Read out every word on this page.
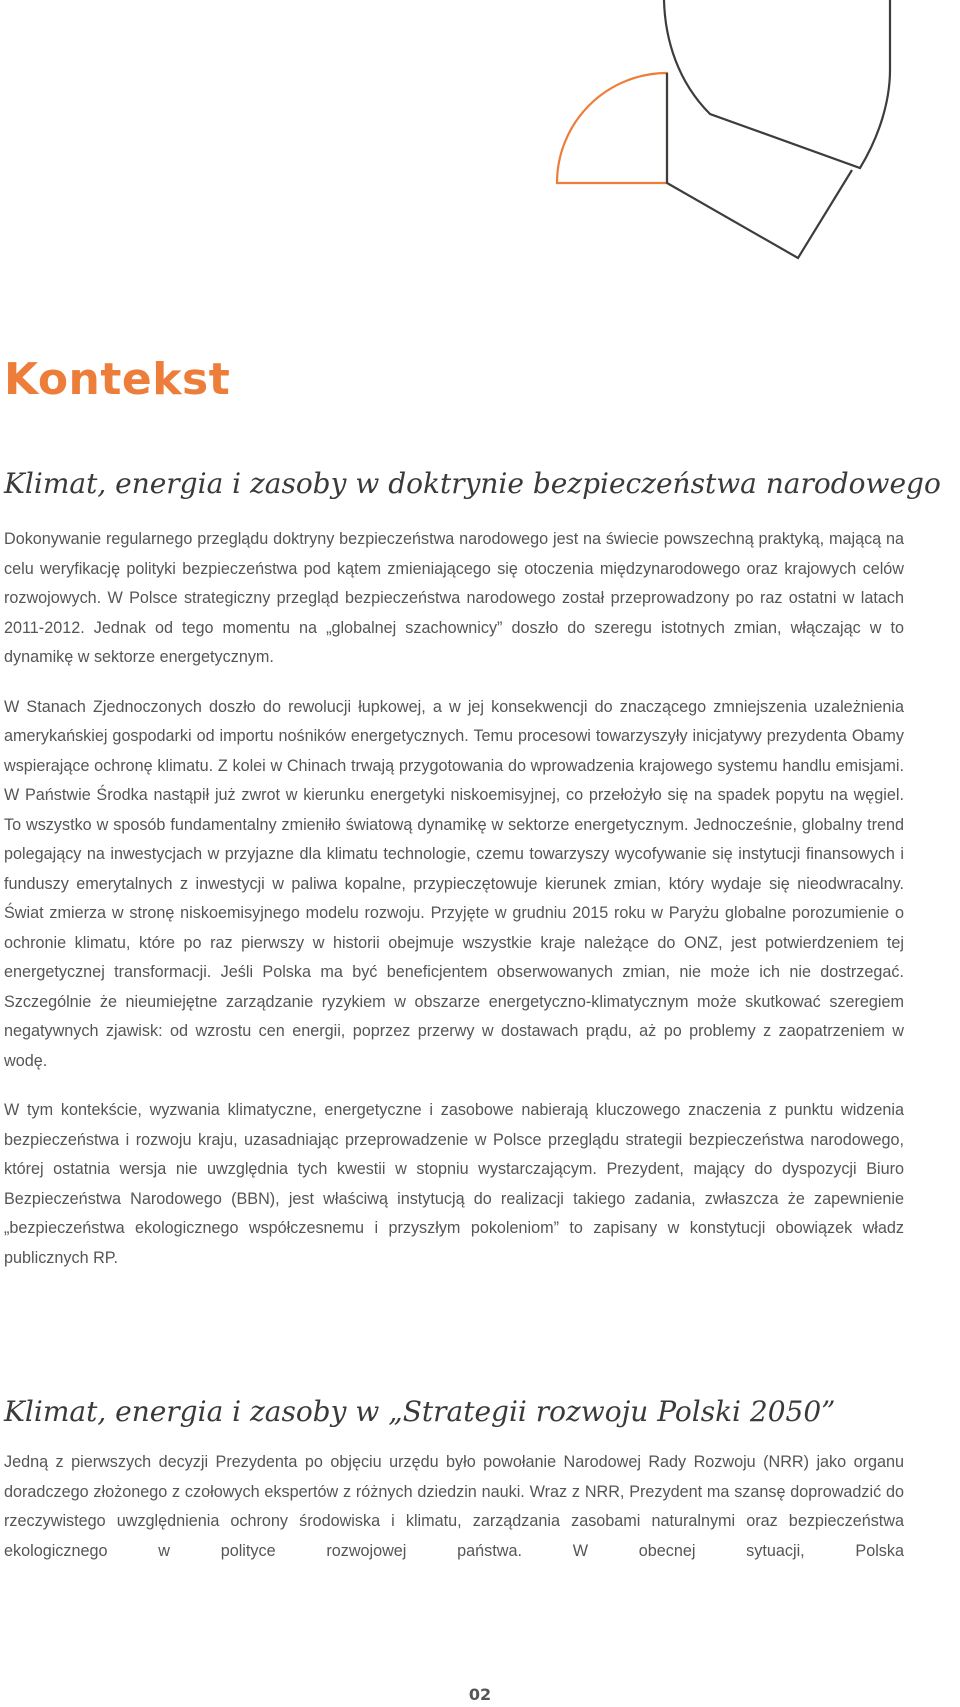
Kontekst
Klimat, energia i zasoby w doktrynie bezpieczeństwa narodowego

Dokonywanie regularnego przeglądu doktryny bezpieczeństwa narodowego jest na świecie powszechną praktyką, mającą na celu weryfikację polityki bezpieczeństwa pod kątem zmieniającego się otoczenia międzynarodowego oraz krajowych celów rozwojowych. W Polsce strategiczny przegląd bezpieczeństwa narodowego został przeprowadzony po raz ostatni w latach 2011-2012. Jednak od tego momentu na „globalnej szachownicy” doszło do szeregu istotnych zmian, włączając w to dynamikę w sektorze energetycznym.

W Stanach Zjednoczonych doszło do rewolucji łupkowej, a w jej konsekwencji do znaczącego zmniejszenia uzależnienia amerykańskiej gospodarki od importu nośników energetycznych. Temu procesowi towarzyszyły inicjatywy prezydenta Obamy wspierające ochronę klimatu. Z kolei w Chinach trwają przygotowania do wprowadzenia krajowego systemu handlu emisjami. W Państwie Środka nastąpił już zwrot w kierunku energetyki niskoemisyjnej, co przełożyło się na spadek popytu na węgiel. To wszystko w sposób fundamentalny zmieniło światową dynamikę w sektorze energetycznym. Jednocześnie, globalny trend polegający na inwestycjach w przyjazne dla klimatu technologie, czemu towarzyszy wycofywanie się instytucji finansowych i funduszy emerytalnych z inwestycji w paliwa kopalne, przypieczętowuje kierunek zmian, który wydaje się nieodwracalny. Świat zmierza w stronę niskoemisyjnego modelu rozwoju. Przyjęte w grudniu 2015 roku w Paryżu globalne porozumienie o ochronie klimatu, które po raz pierwszy w historii obejmuje wszystkie kraje należące do ONZ, jest potwierdzeniem tej energetycznej transformacji. Jeśli Polska ma być beneficjentem obserwowanych zmian, nie może ich nie dostrzegać. Szczególnie że nieumiejętne zarządzanie ryzykiem w obszarze energetyczno-klimatycznym może skutkować szeregiem negatywnych zjawisk: od wzrostu cen energii, poprzez przerwy w dostawach prądu, aż po problemy z zaopatrzeniem w wodę.

W tym kontekście, wyzwania klimatyczne, energetyczne i zasobowe nabierają kluczowego znaczenia z punktu widzenia bezpieczeństwa i rozwoju kraju, uzasadniając przeprowadzenie w Polsce przeglądu strategii bezpieczeństwa narodowego, której ostatnia wersja nie uwzględnia tych kwestii w stopniu wystarczającym. Prezydent, mający do dyspozycji Biuro Bezpieczeństwa Narodowego (BBN), jest właściwą instytucją do realizacji takiego zadania, zwłaszcza że zapewnienie „bezpieczeństwa ekologicznego współczesnemu i przyszłym pokoleniom” to zapisany w konstytucji obowiązek władz publicznych RP.

Klimat, energia i zasoby w „Strategii rozwoju Polski 2050”

Jedną z pierwszych decyzji Prezydenta po objęciu urzędu było powołanie Narodowej Rady Rozwoju (NRR) jako organu doradczego złożonego z czołowych ekspertów z różnych dziedzin nauki. Wraz z NRR, Prezydent ma szansę doprowadzić do rzeczywistego uwzględnienia ochrony środowiska i klimatu, zarządzania zasobami naturalnymi oraz bezpieczeństwa ekologicznego w polityce rozwojowej państwa. W obecnej sytuacji, Polska

02
